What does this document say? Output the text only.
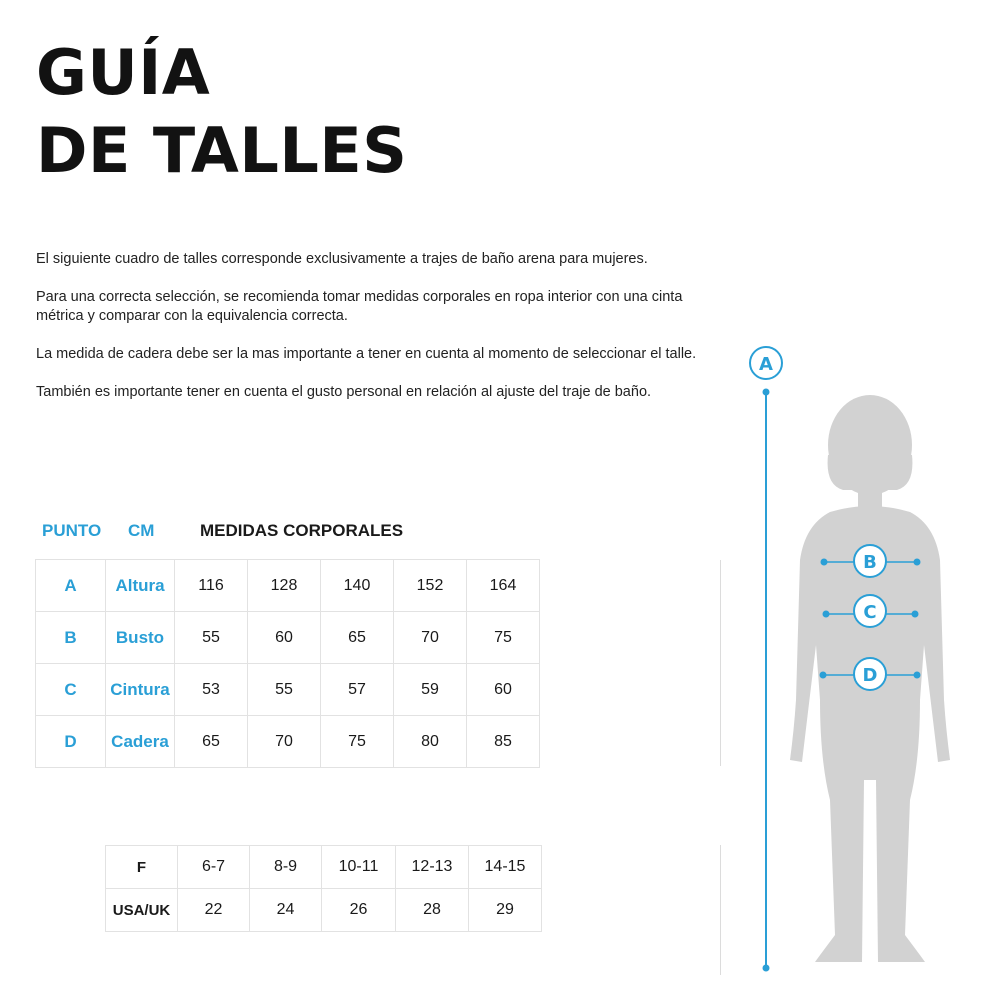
GUÍA
DE TALLES

El siguiente cuadro de talles corresponde exclusivamente a trajes de baño arena para mujeres.

Para una correcta selección, se recomienda tomar medidas corporales en ropa interior con una cinta métrica y comparar con la equivalencia correcta.

La medida de cadera debe ser la mas importante a tener en cuenta al momento de seleccionar el talle.

También es importante tener en cuenta el gusto personal en relación al ajuste del traje de baño.

PUNTO CM	MEDIDAS CORPORALES
A	Altura	116	128	140	152	164
B	Busto	55	60	65	70	75
C	Cintura	53	55	57	59	60
D	Cadera	65	70	75	80	85
F	6-7	8-9	10-11	12-13	14-15
USA/UK	22	24	26	28	29
A
B
C
D
